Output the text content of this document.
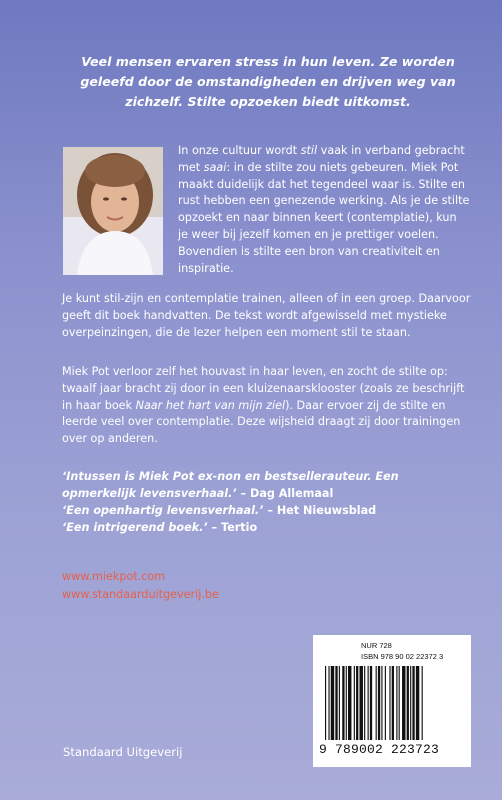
Veel mensen ervaren stress in hun leven. Ze worden geleefd door de omstandigheden en drijven weg van zichzelf. Stilte opzoeken biedt uitkomst.
In onze cultuur wordt stil vaak in verband gebracht met saai: in de stilte zou niets gebeuren. Miek Pot maakt duidelijk dat het tegendeel waar is. Stilte en rust hebben een genezende werking. Als je de stilte opzoekt en naar binnen keert (contemplatie), kun je weer bij jezelf komen en je prettiger voelen. Bovendien is stilte een bron van creativiteit en inspiratie.
Je kunt stil-zijn en contemplatie trainen, alleen of in een groep. Daarvoor geeft dit boek handvatten. De tekst wordt afgewisseld met mystieke overpeinzingen, die de lezer helpen een moment stil te staan.
Miek Pot verloor zelf het houvast in haar leven, en zocht de stilte op: twaalf jaar bracht zij door in een kluizenaarsklooster (zoals ze beschrijft in haar boek Naar het hart van mijn ziel). Daar ervoer zij de stilte en leerde veel over contemplatie. Deze wijsheid draagt zij door trainingen over op anderen.
‘Intussen is Miek Pot ex-non en bestsellerauteur. Een opmerkelijk levensverhaal.’ – Dag Allemaal
‘Een openhartig levensverhaal.’ – Het Nieuwsblad
‘Een intrigerend boek.’ – Tertio
www.miekpot.com
www.standaarduitgeverij.be
NUR 728
ISBN 978 90 02 22372 3
9 789002 223723
Standaard Uitgeverij
